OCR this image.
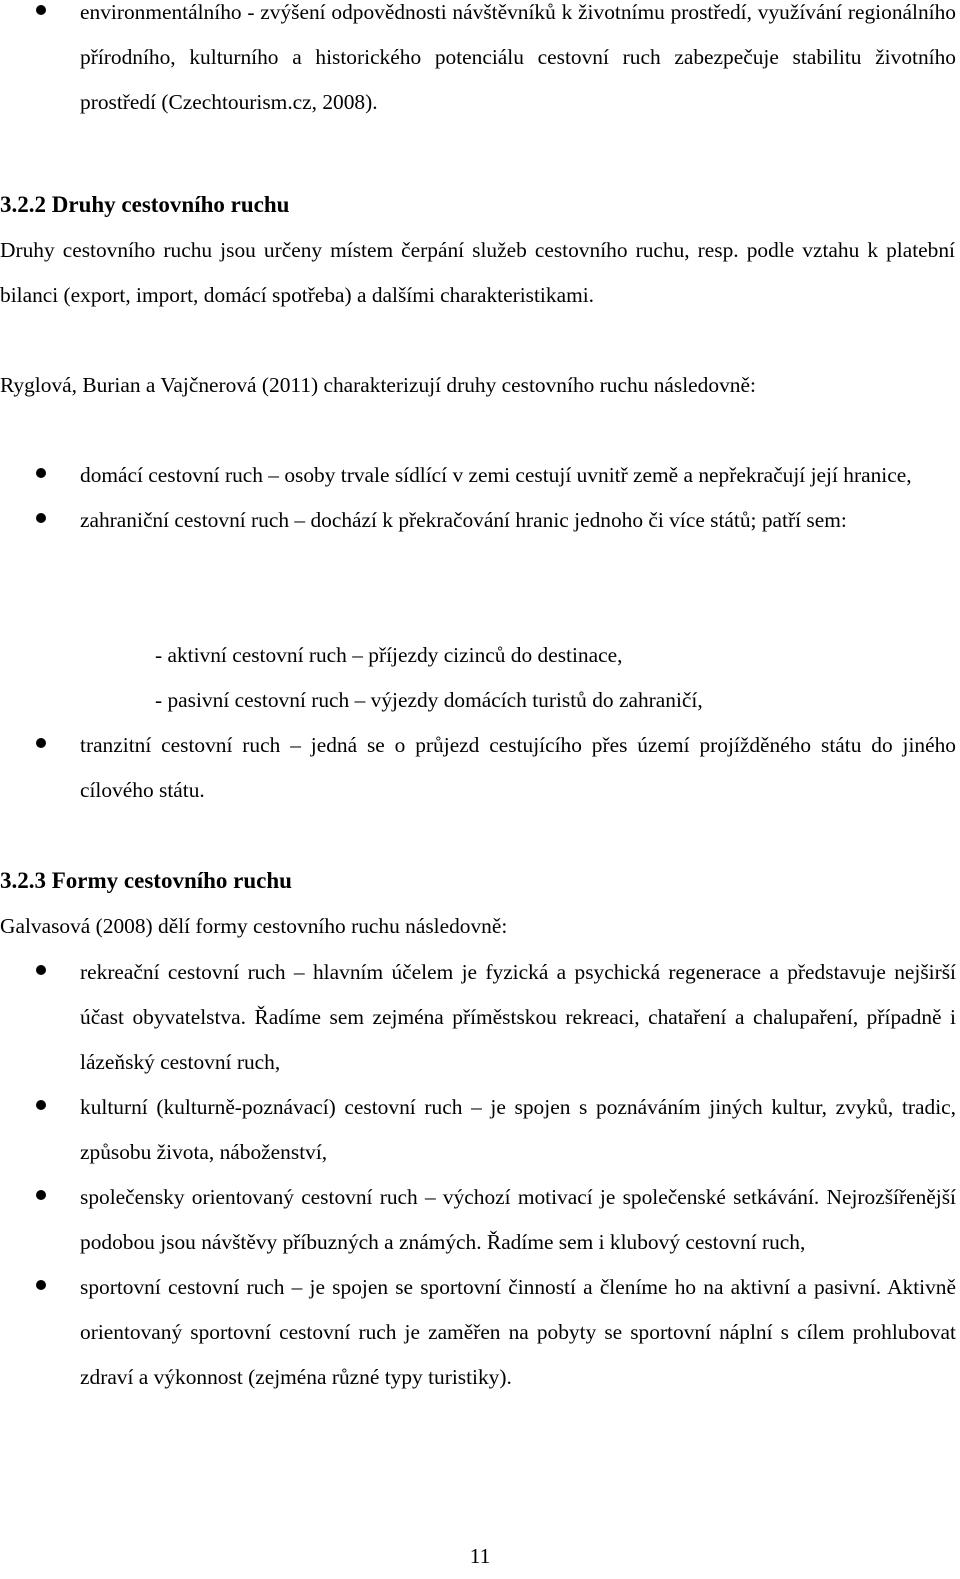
environmentálního - zvýšení odpovědnosti návštěvníků k životnímu prostředí, využívání regionálního přírodního, kulturního a historického potenciálu cestovní ruch zabezpečuje stabilitu životního prostředí (Czechtourism.cz, 2008).
3.2.2 Druhy cestovního ruchu

Druhy cestovního ruchu jsou určeny místem čerpání služeb cestovního ruchu, resp. podle vztahu k platební bilanci (export, import, domácí spotřeba) a dalšími charakteristikami.

Ryglová, Burian a Vajčnerová (2011) charakterizují druhy cestovního ruchu následovně:

domácí cestovní ruch – osoby trvale sídlící v zemi cestují uvnitř země a nepřekračují její hranice,
zahraniční cestovní ruch – dochází k překračování hranic jednoho či více států; patří sem:
- aktivní cestovní ruch – příjezdy cizinců do destinace,
- pasivní cestovní ruch – výjezdy domácích turistů do zahraničí,
tranzitní cestovní ruch – jedná se o průjezd cestujícího přes území projížděného státu do jiného cílového státu.
3.2.3 Formy cestovního ruchu

Galvasová (2008) dělí formy cestovního ruchu následovně:

rekreační cestovní ruch – hlavním účelem je fyzická a psychická regenerace a představuje nejširší účast obyvatelstva. Řadíme sem zejména příměstskou rekreaci, chataření a chalupaření, případně i lázeňský cestovní ruch,
kulturní (kulturně-poznávací) cestovní ruch – je spojen s poznáváním jiných kultur, zvyků, tradic, způsobu života, náboženství,
společensky orientovaný cestovní ruch – výchozí motivací je společenské setkávání. Nejrozšířenější podobou jsou návštěvy příbuzných a známých. Řadíme sem i klubový cestovní ruch,
sportovní cestovní ruch – je spojen se sportovní činností a členíme ho na aktivní a pasivní. Aktivně orientovaný sportovní cestovní ruch je zaměřen na pobyty se sportovní náplní s cílem prohlubovat zdraví a výkonnost (zejména různé typy turistiky).
11
